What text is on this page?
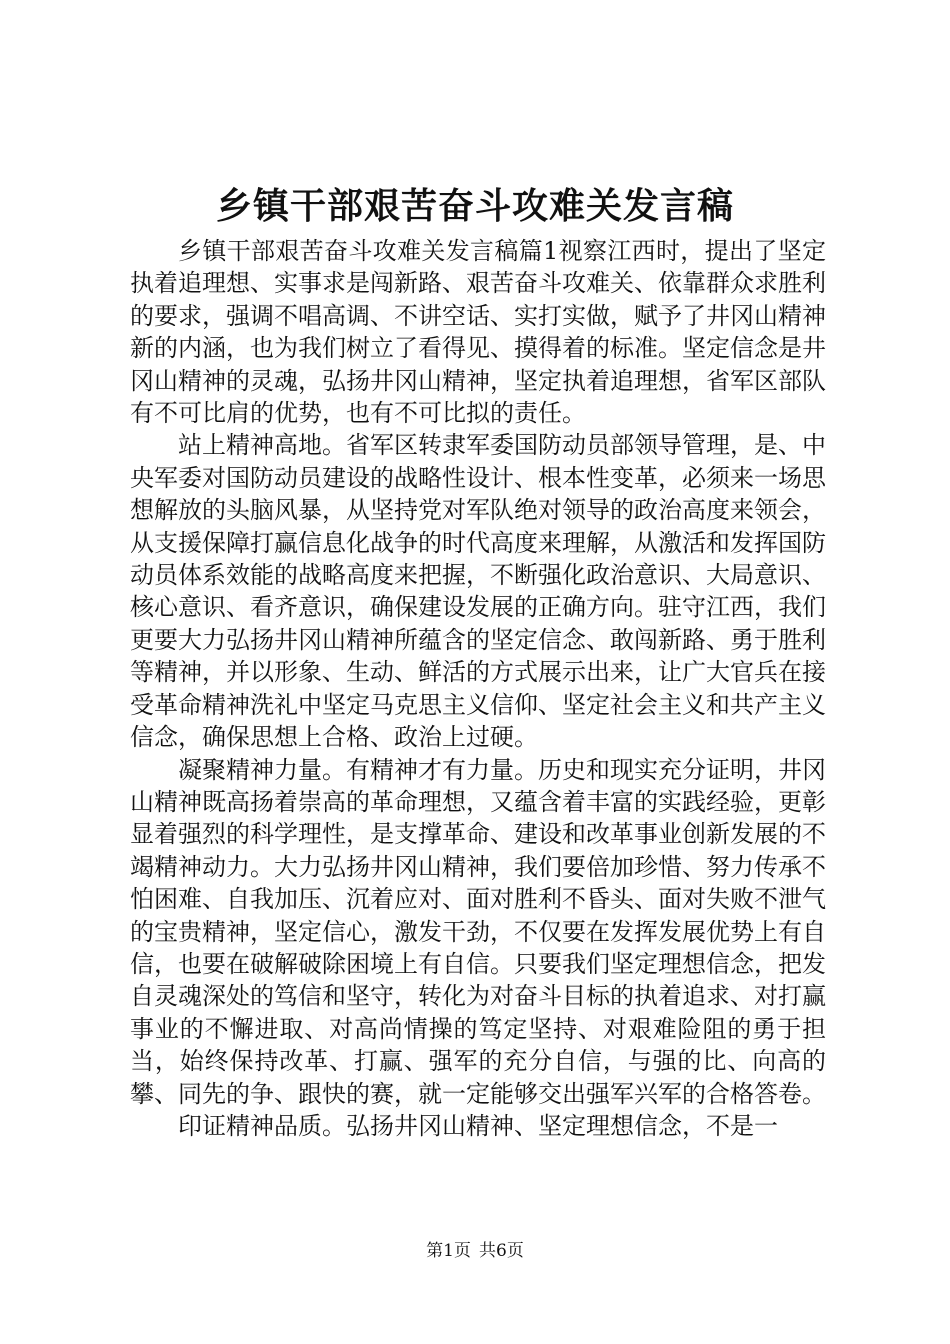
乡镇干部艰苦奋斗攻难关发言稿

乡镇干部艰苦奋斗攻难关发言稿篇1视察江西时，提出了坚定执着追理想、实事求是闯新路、艰苦奋斗攻难关、依靠群众求胜利的要求，强调不唱高调、不讲空话、实打实做，赋予了井冈山精神新的内涵，也为我们树立了看得见、摸得着的标准。坚定信念是井冈山精神的灵魂，弘扬井冈山精神，坚定执着追理想，省军区部队有不可比肩的优势，也有不可比拟的责任。

站上精神高地。省军区转隶军委国防动员部领导管理，是、中央军委对国防动员建设的战略性设计、根本性变革，必须来一场思想解放的头脑风暴，从坚持党对军队绝对领导的政治高度来领会，从支援保障打赢信息化战争的时代高度来理解，从激活和发挥国防动员体系效能的战略高度来把握，不断强化政治意识、大局意识、核心意识、看齐意识，确保建设发展的正确方向。驻守江西，我们更要大力弘扬井冈山精神所蕴含的坚定信念、敢闯新路、勇于胜利等精神，并以形象、生动、鲜活的方式展示出来，让广大官兵在接受革命精神洗礼中坚定马克思主义信仰、坚定社会主义和共产主义信念，确保思想上合格、政治上过硬。

凝聚精神力量。有精神才有力量。历史和现实充分证明，井冈山精神既高扬着崇高的革命理想，又蕴含着丰富的实践经验，更彰显着强烈的科学理性，是支撑革命、建设和改革事业创新发展的不竭精神动力。大力弘扬井冈山精神，我们要倍加珍惜、努力传承不怕困难、自我加压、沉着应对、面对胜利不昏头、面对失败不泄气的宝贵精神，坚定信心，激发干劲，不仅要在发挥发展优势上有自信，也要在破解破除困境上有自信。只要我们坚定理想信念，把发自灵魂深处的笃信和坚守，转化为对奋斗目标的执着追求、对打赢事业的不懈进取、对高尚情操的笃定坚持、对艰难险阻的勇于担当，始终保持改革、打赢、强军的充分自信，与强的比、向高的攀、同先的争、跟快的赛，就一定能够交出强军兴军的合格答卷。

印证精神品质。弘扬井冈山精神、坚定理想信念，不是一

第1页 共6页
